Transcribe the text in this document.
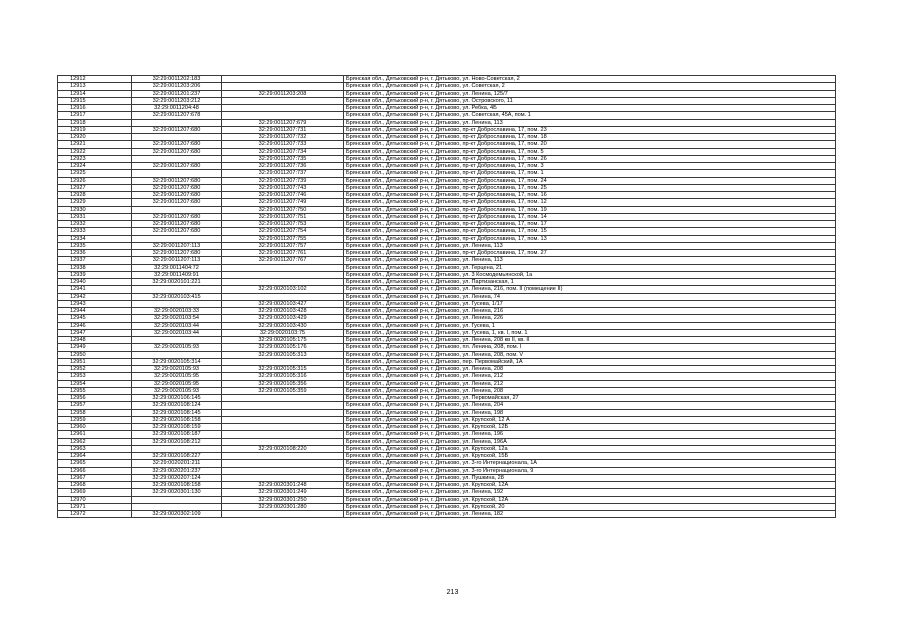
12912	32:29:0011202:183		Брянская обл., Дятьковский р-н, г. Дятьково, ул. Ново-Советская, 2
12913	32:29:0011203:206		Брянская обл., Дятьковский р-н, г. Дятьково, ул. Советская, 2
12914	32:29:0011201:237	32:29:0011203:208	Брянская обл., Дятьковский р-н, г. Дятьково, ул. Ленина, 125/7
12915	32:29:0011203:212		Брянская обл., Дятьковский р-н, г. Дятьково, ул. Островского, 11
12916	32:29:0011204:48		Брянская обл., Дятьковский р-н, г. Дятьково, ул. Ребка, 4Б
12917	32:29:0011207:678		Брянская обл., Дятьковский р-н, г. Дятьково, ул. Советская, 45А, пом. 1
12918		32:29:0011207:679	Брянская обл., Дятьковский р-н, г. Дятьково, ул. Ленина, 113
12919	32:29:0011207:680	32:29:0011207:731	Брянская обл., Дятьковский р-н, г. Дятьково, пр-кт Доброславина, 17, пом. 23
12920		32:29:0011207:732	Брянская обл., Дятьковский р-н, г. Дятьково, пр-кт Доброславина, 17, пом. 18
12921	32:29:0011207:680	32:29:0011207:733	Брянская обл., Дятьковский р-н, г. Дятьково, пр-кт Доброславина, 17, пом. 20
12922	32:29:0011207:680	32:29:0011207:734	Брянская обл., Дятьковский р-н, г. Дятьково, пр-кт Доброславина, 17, пом. 5
12923		32:29:0011207:735	Брянская обл., Дятьковский р-н, г. Дятьково, пр-кт Доброславина, 17, пом. 26
12924	32:29:0011207:680	32:29:0011207:736	Брянская обл., Дятьковский р-н, г. Дятьково, пр-кт Доброславина, 17, пом. 3
12925		32:29:0011207:737	Брянская обл., Дятьковский р-н, г. Дятьково, пр-кт Доброславина, 17, пом. 1
12926	32:29:0011207:680	32:29:0011207:739	Брянская обл., Дятьковский р-н, г. Дятьково, пр-кт Доброславина, 17, пом. 24
12927	32:29:0011207:680	32:29:0011207:743	Брянская обл., Дятьковский р-н, г. Дятьково, пр-кт Доброславина, 17, пом. 25
12928	32:29:0011207:680	32:29:0011207:746	Брянская обл., Дятьковский р-н, г. Дятьково, пр-кт Доброславина, 17, пом. 16
12929	32:29:0011207:680	32:29:0011207:749	Брянская обл., Дятьковский р-н, г. Дятьково, пр-кт Доброславина, 17, пом. 12
12930		32:29:0011207:750	Брянская обл., Дятьковский р-н, г. Дятьково, пр-кт Доброславина, 17, пом. 19
12931	32:29:0011207:680	32:29:0011207:751	Брянская обл., Дятьковский р-н, г. Дятьково, пр-кт Доброславина, 17, пом. 14
12932	32:29:0011207:680	32:29:0011207:753	Брянская обл., Дятьковский р-н, г. Дятьково, пр-кт Доброславина, 17, пом. 17
12933	32:29:0011207:680	32:29:0011207:754	Брянская обл., Дятьковский р-н, г. Дятьково, пр-кт Доброславина, 17, пом. 15
12934		32:29:0011207:755	Брянская обл., Дятьковский р-н, г. Дятьково, пр-кт Доброславина, 17, пом. 13
12935	32:29:0011207:113	32:29:0011207:757	Брянская обл., Дятьковский р-н, г. Дятьково, ул. Ленина, 113
12936	32:29:0011207:680	32:29:0011207:761	Брянская обл., Дятьковский р-н, г. Дятьково, пр-кт Доброславина, 17, пом. 27
12937	32:29:0011207:113	32:29:0011207:767	Брянская обл., Дятьковский р-н, г. Дятьково, ул. Ленина, 113
12938	32:29:0011404:72		Брянская обл., Дятьковский р-н, г. Дятьково, ул. Герцена, 21
12939	32:29:0011409:91		Брянская обл., Дятьковский р-н, г. Дятьково, ул. 3 Космодемьянской, 1а
12940	32:29:0020101:221		Брянская обл., Дятьковский р-н, г. Дятьково, ул. Партизанская, 1
12941		32:29:0020103:102	Брянская обл., Дятьковский р-н, г. Дятьково, ул. Ленина, 216, пом. II (помещение II)
12942	32:29:0020103:415		Брянская обл., Дятьковский р-н, г. Дятьково, ул. Ленина, 74
12943		32:29:0020103:427	Брянская обл., Дятьковский р-н, г. Дятьково, ул. Гусева, 1/17
12944	32:29:0020103:33	32:29:0020103:428	Брянская обл., Дятьковский р-н, г. Дятьково, ул. Ленина, 216
12945	32:29:0020103:54	32:29:0020103:429	Брянская обл., Дятьковский р-н, г. Дятьково, ул. Ленина, 226
12946	32:29:0020103:44	32:29:0020103:430	Брянская обл., Дятьковский р-н, г. Дятьково, ул. Гусева, 1
12947	32:29:0020103:44	32:29:0020103:75	Брянская обл., Дятьковский р-н, г. Дятьково, ул. Гусева, 1, кв. I, пом. 1
12948		32:29:0020105:175	Брянская обл., Дятьковский р-н, г. Дятьково, ул. Ленина, 208 кв II, кв. II
12949	32:29:0020105:93	32:29:0020105:176	Брянская обл., Дятьковский р-н, г. Дятьково, пл. Ленина, 208, пом. I
12950		32:29:0020105:313	Брянская обл., Дятьковский р-н, г. Дятьково, ул. Ленина, 208, пом. V
12951	32:29:0020105:314		Брянская обл., Дятьковский р-н, г. Дятьково, пер. Первомайский, 1А
12952	32:29:0020105:93	32:29:0020105:315	Брянская обл., Дятьковский р-н, г. Дятьково, ул. Ленина, 208
12953	32:29:0020105:95	32:29:0020105:316	Брянская обл., Дятьковский р-н, г. Дятьково, ул. Ленина, 212
12954	32:29:0020105:95	32:29:0020105:356	Брянская обл., Дятьковский р-н, г. Дятьково, ул. Ленина, 212
12955	32:29:0020105:93	32:29:0020105:359	Брянская обл., Дятьковский р-н, г. Дятьково, ул. Ленина, 208
12956	32:29:0020106:145		Брянская обл., Дятьковский р-н, г. Дятьково, ул. Первомайская, 27
12957	32:29:0020108:124		Брянская обл., Дятьковский р-н, г. Дятьково, ул. Ленина, 204
12958	32:29:0020108:145		Брянская обл., Дятьковский р-н, г. Дятьково, ул. Ленина, 198
12959	32:29:0020108:158		Брянская обл., Дятьковский р-н, г. Дятьково, ул. Крупской, 12 А
12960	32:29:0020108:159		Брянская обл., Дятьковский р-н, г. Дятьково, ул. Крупской, 12Б
12961	32:29:0020108:187		Брянская обл., Дятьковский р-н, г. Дятьково, ул. Ленина, 196
12962	32:29:0020108:212		Брянская обл., Дятьковский р-н, г. Дятьково, ул. Ленина, 196А
12963		32:29:0020108:220	Брянская обл., Дятьковский р-н, г. Дятьково, ул. Крупской, 12а
12964	32:29:0020108:227		Брянская обл., Дятьковский р-н, г. Дятьково, ул. Крупской, 15Б
12965	32:29:0020201:211		Брянская обл., Дятьковский р-н, г. Дятьково, ул. 3-го Интернационала, 1А
12966	32:29:0020201:237		Брянская обл., Дятьковский р-н, г. Дятьково, ул. 3-го Интернационала, 9
12967	32:29:0020207:124		Брянская обл., Дятьковский р-н, г. Дятьково, ул. Пушкина, 28
12968	32:29:0020108:158	32:29:0020301:248	Брянская обл., Дятьковский р-н, г. Дятьково, ул. Крупской, 12А
12969	32:29:0020301:130	32:29:0020301:249	Брянская обл., Дятьковский р-н, г. Дятьково, ул. Ленина, 192
12970		32:29:0020301:250	Брянская обл., Дятьковский р-н, г. Дятьково, ул. Крупской, 12А
12971		32:29:0020301:280	Брянская обл., Дятьковский р-н, г. Дятьково, ул. Крупской, 20
12972	32:29:0020302:109		Брянская обл., Дятьковский р-н, г. Дятьково, ул. Ленина, 182
213
